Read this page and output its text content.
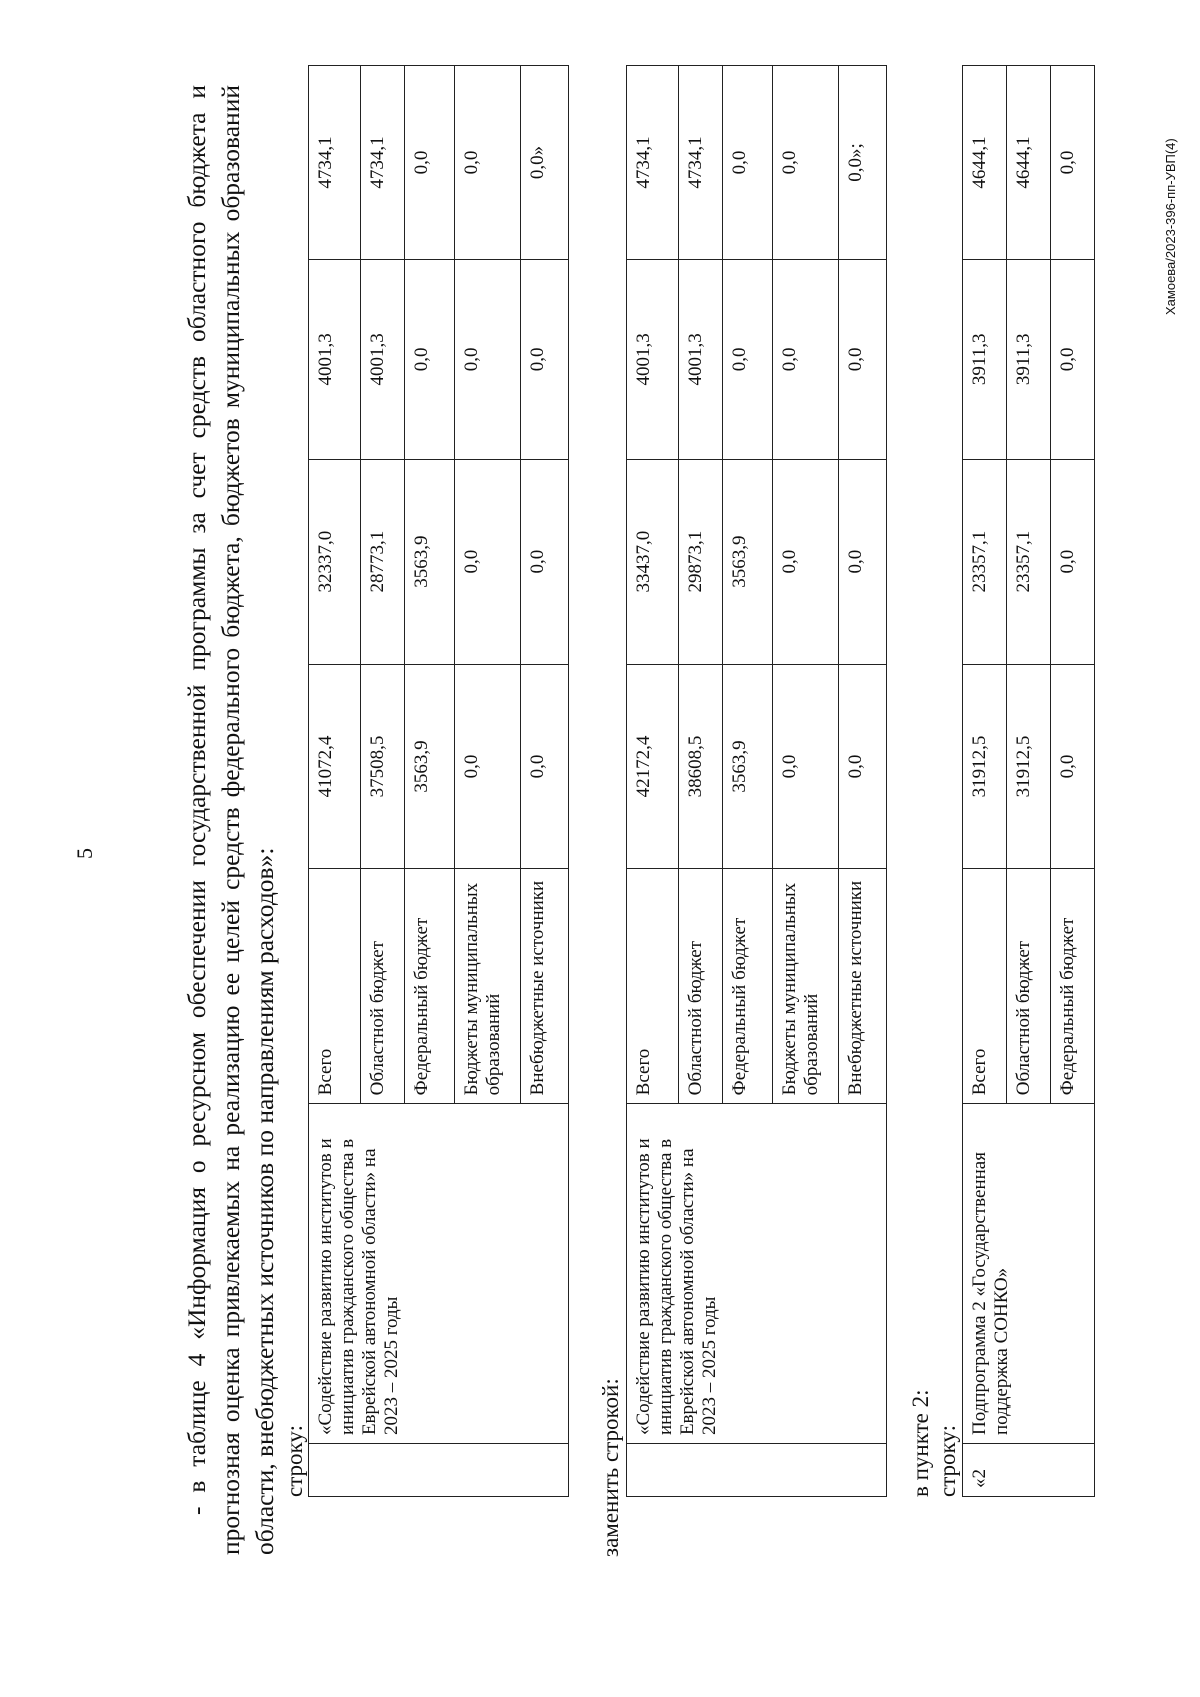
5	- в таблице 4 «Информация о ресурсном обеспечении государственной программы за счет средств областного бюджета и прогнозная оценка привлекаемых на реализацию ее целей средств федерального бюджета, бюджетов муниципальных образований области, внебюджетных источников по направлениям расходов»: строку:
	«Содействие развитию институтов и инициатив гражданского общества в Еврейской автономной области» на 2023 – 2025 годы	Всего	41072,4	32337,0	4001,3	4734,1
		Областной бюджет	37508,5	28773,1	4001,3	4734,1
		Федеральный бюджет	3563,9	3563,9	0,0	0,0
		Бюджеты муниципальных образований	0,0	0,0	0,0	0,0
		Внебюджетные источники	0,0	0,0	0,0	0,0»
заменить строкой:
	«Содействие развитию институтов и инициатив гражданского общества в Еврейской автономной области» на 2023 – 2025 годы	Всего	42172,4	33437,0	4001,3	4734,1
		Областной бюджет	38608,5	29873,1	4001,3	4734,1
		Федеральный бюджет	3563,9	3563,9	0,0	0,0
		Бюджеты муниципальных образований	0,0	0,0	0,0	0,0
		Внебюджетные источники	0,0	0,0	0,0	0,0»;
в пункте 2: строку: «2	Подпрограмма 2 «Государственная поддержка СОНКО»	Всего	31912,5	23357,1	3911,3	4644,1
		Областной бюджет	31912,5	23357,1	3911,3	4644,1
		Федеральный бюджет	0,0	0,0	0,0	0,0	Хамоева/2023-396-пп-УВП(4)
